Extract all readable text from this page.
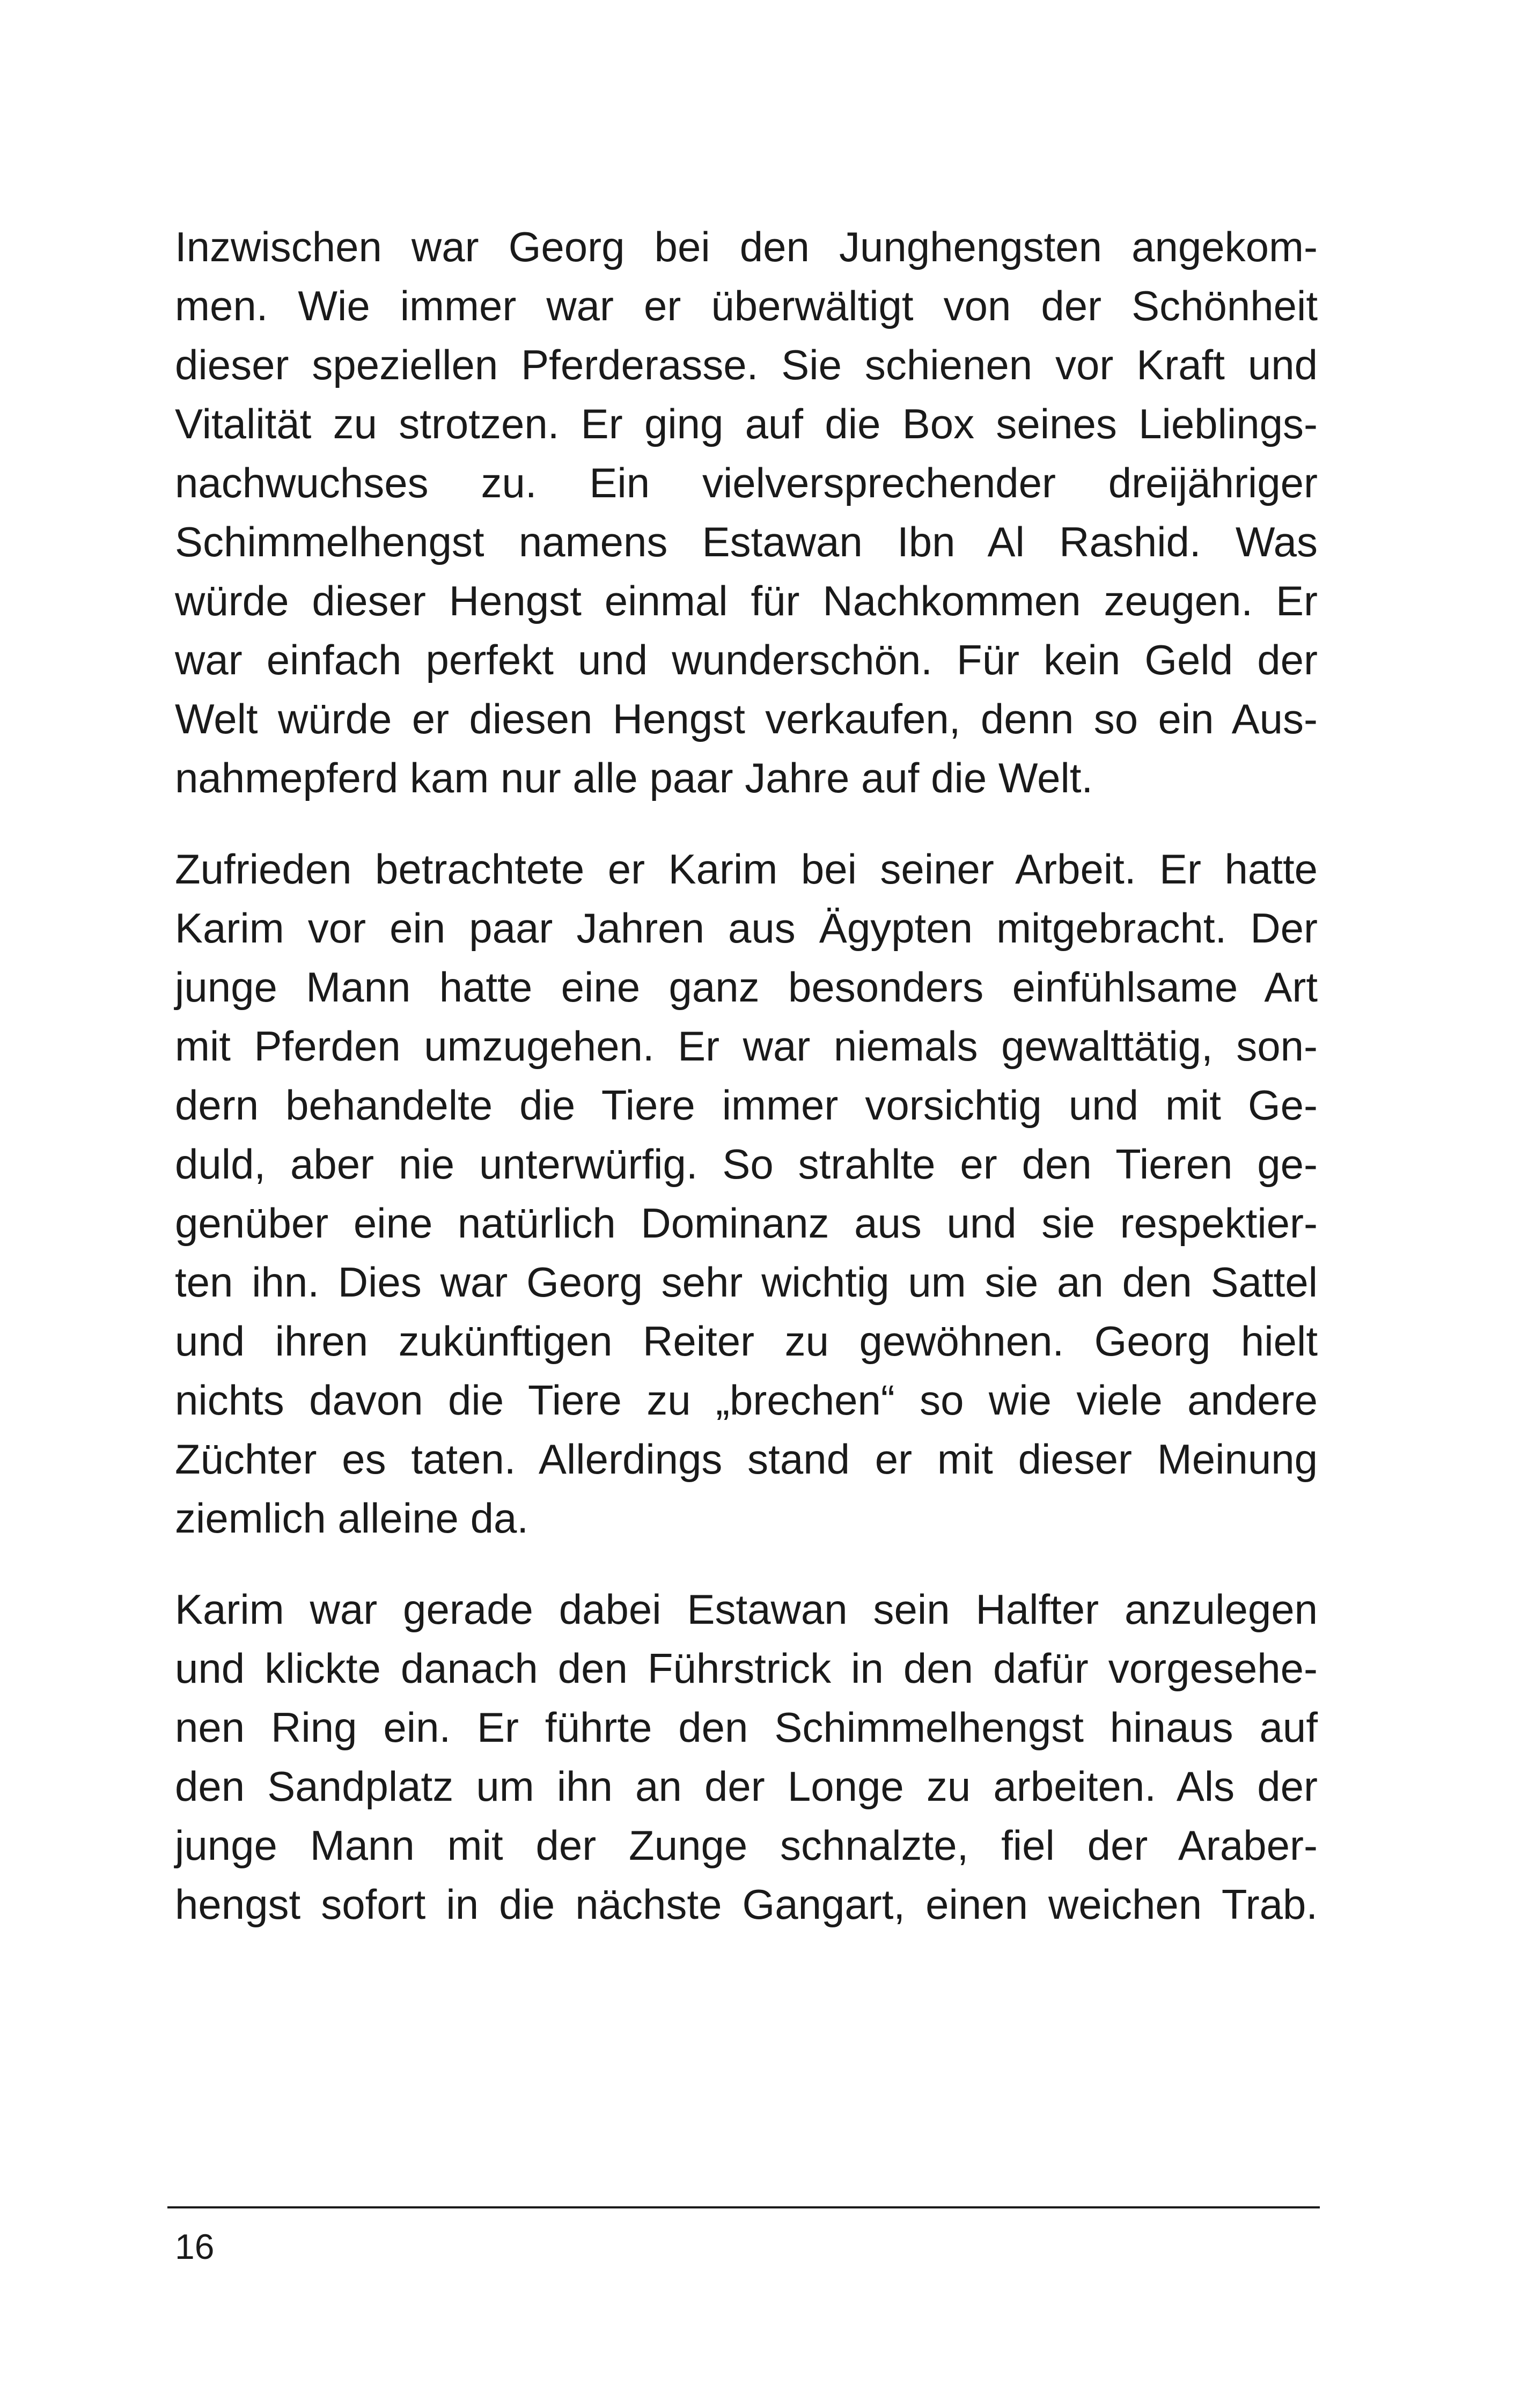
Inzwischen war Georg bei den Junghengsten angekom-
men. Wie immer war er überwältigt von der Schönheit
dieser speziellen Pferderasse. Sie schienen vor Kraft und
Vitalität zu strotzen. Er ging auf die Box seines Lieblings-
nachwuchses zu. Ein vielversprechender dreijähriger
Schimmelhengst namens Estawan Ibn Al Rashid. Was
würde dieser Hengst einmal für Nachkommen zeugen. Er
war einfach perfekt und wunderschön. Für kein Geld der
Welt würde er diesen Hengst verkaufen, denn so ein Aus-
nahmepferd kam nur alle paar Jahre auf die Welt.

Zufrieden betrachtete er Karim bei seiner Arbeit. Er hatte
Karim vor ein paar Jahren aus Ägypten mitgebracht. Der
junge Mann hatte eine ganz besonders einfühlsame Art
mit Pferden umzugehen. Er war niemals gewalttätig, son-
dern behandelte die Tiere immer vorsichtig und mit Ge-
duld, aber nie unterwürfig. So strahlte er den Tieren ge-
genüber eine natürlich Dominanz aus und sie respektier-
ten ihn. Dies war Georg sehr wichtig um sie an den Sattel
und ihren zukünftigen Reiter zu gewöhnen. Georg hielt
nichts davon die Tiere zu „brechen“ so wie viele andere
Züchter es taten. Allerdings stand er mit dieser Meinung
ziemlich alleine da.

Karim war gerade dabei Estawan sein Halfter anzulegen
und klickte danach den Führstrick in den dafür vorgesehe-
nen Ring ein. Er führte den Schimmelhengst hinaus auf
den Sandplatz um ihn an der Longe zu arbeiten. Als der
junge Mann mit der Zunge schnalzte, fiel der Araber-
hengst sofort in die nächste Gangart, einen weichen Trab.

16
